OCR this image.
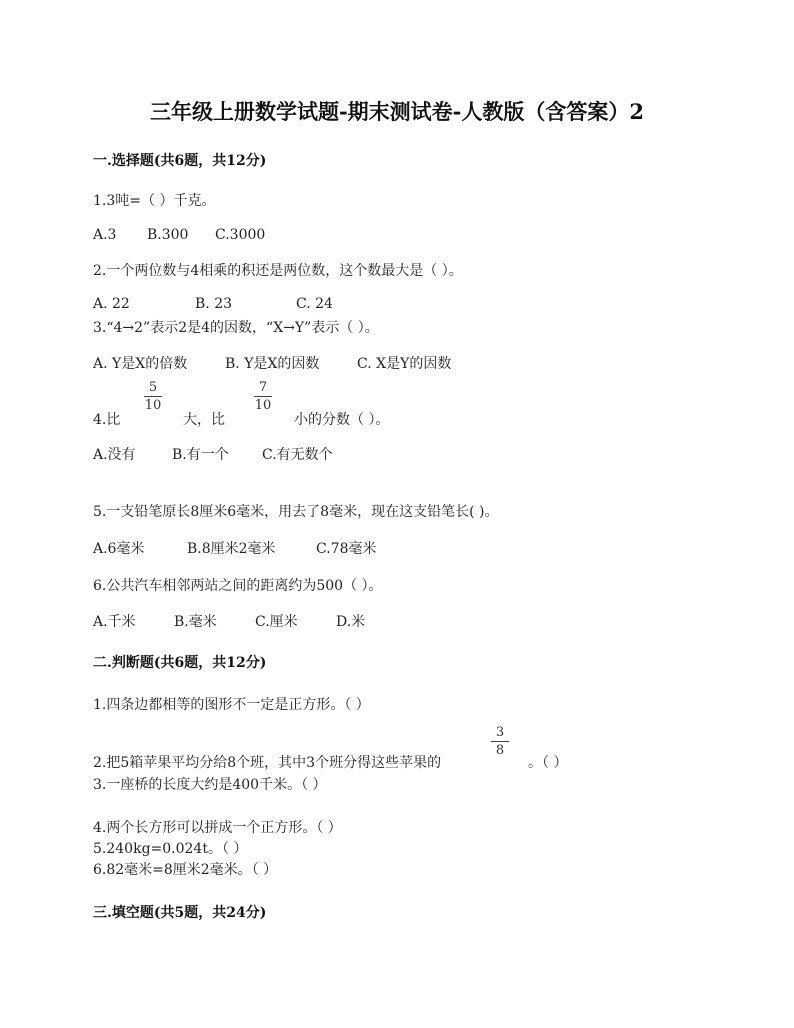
三年级上册数学试题-期末测试卷-人教版（含答案）2
一.选择题(共6题，共12分)
1.3吨=（ ）千克。
A.3 B.300 C.3000
2.一个两位数与4相乘的积还是两位数，这个数最大是（ ）。
A. 22	B. 23	C. 24
3.“4→2”表示2是4的因数，“X→Y”表示（ ）。
A. Y是X的倍数	B. Y是X的因数	C. X是Y的因数
4.比
5
10
大，比
7
10
小的分数（ ）。
A.没有	B.有一个 C.有无数个
5.一支铅笔原长8厘米6毫米，用去了8毫米，现在这支铅笔长( )。
A.6毫米	B.8厘米2毫米	C.78毫米
6.公共汽车相邻两站之间的距离约为500（ ）。
A.千米	B.毫米	C.厘米	D.米
二.判断题(共6题，共12分)
1.四条边都相等的图形不一定是正方形。（ ）
2.把5箱苹果平均分给8个班，其中3个班分得这些苹果的
3
8
。（ ）
3.一座桥的长度大约是400千米。（ ）
4.两个长方形可以拼成一个正方形。（ ）
5.240kg=0.024t。（ ）
6.82毫米=8厘米2毫米。（ ）
三.填空题(共5题，共24分)
